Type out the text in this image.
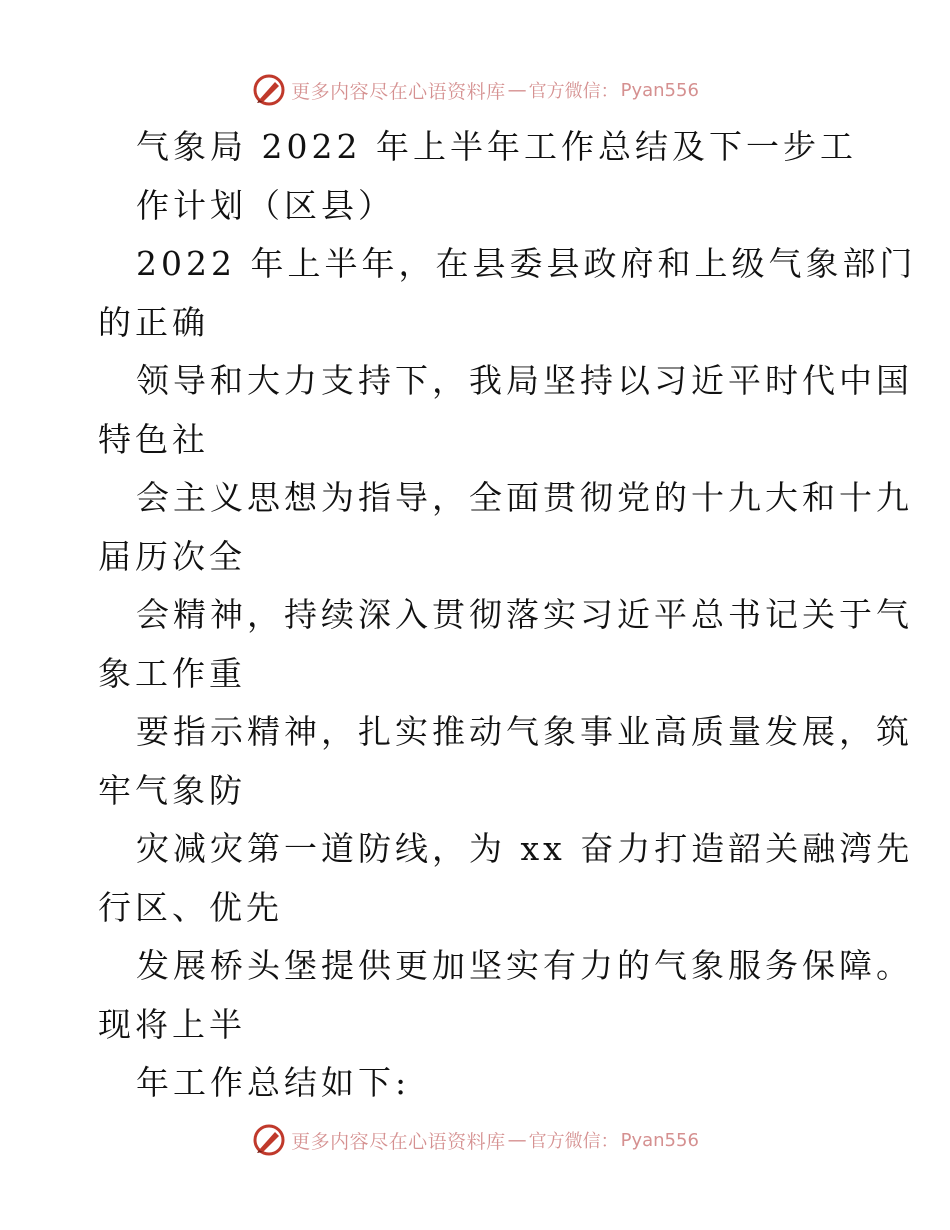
更多内容尽在心语资料库 — 官方微信： Pyan556
气象局 2022 年上半年工作总结及下一步工
作计划（区县）
2022 年上半年，在县委县政府和上级气象部门
的正确
领导和大力支持下，我局坚持以习近平时代中国
特色社
会主义思想为指导，全面贯彻党的十九大和十九
届历次全
会精神，持续深入贯彻落实习近平总书记关于气
象工作重
要指示精神，扎实推动气象事业高质量发展，筑
牢气象防
灾减灾第一道防线，为 xx 奋力打造韶关融湾先
行区、优先
发展桥头堡提供更加坚实有力的气象服务保障。
现将上半
年工作总结如下:
更多内容尽在心语资料库 — 官方微信： Pyan556
